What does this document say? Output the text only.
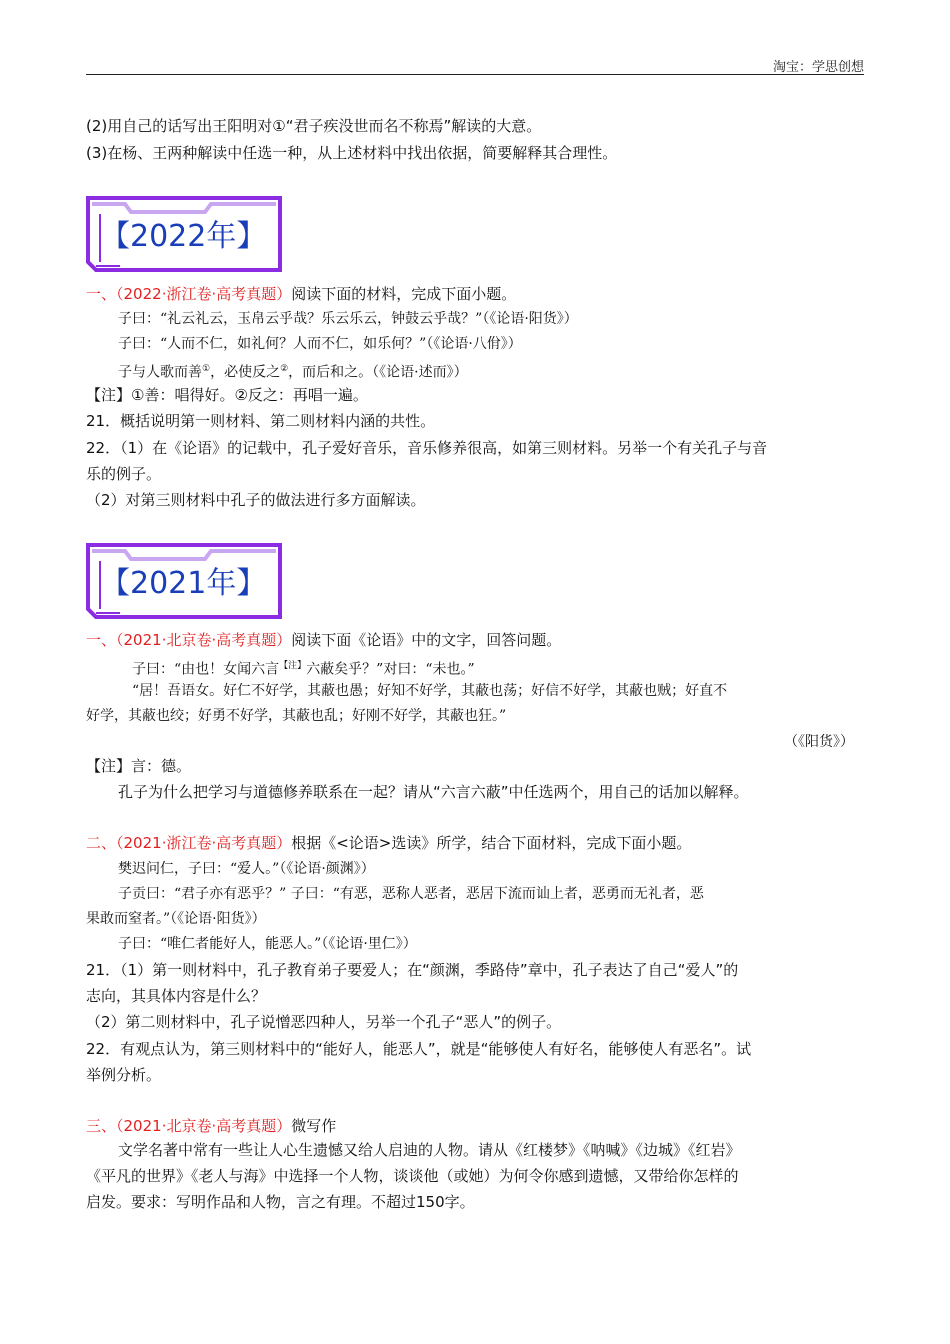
淘宝：学思创想
(2)用自己的话写出王阳明对①“君子疾没世而名不称焉”解读的大意。
(3)在杨、王两种解读中任选一种，从上述材料中找出依据，简要解释其合理性。
【2022年】
一、（2022·浙江卷·高考真题）阅读下面的材料，完成下面小题。
子曰：“礼云礼云，玉帛云乎哉？乐云乐云，钟鼓云乎哉？”（《论语·阳货》）
子曰：“人而不仁，如礼何？人而不仁，如乐何？”（《论语·八佾》）
子与人歌而善①，必使反之②，而后和之。（《论语·述而》）
【注】①善：唱得好。②反之：再唱一遍。
21．概括说明第一则材料、第二则材料内涵的共性。
22．（1）在《论语》的记载中，孔子爱好音乐，音乐修养很高，如第三则材料。另举一个有关孔子与音
乐的例子。
（2）对第三则材料中孔子的做法进行多方面解读。
【2021年】
一、（2021·北京卷·高考真题）阅读下面《论语》中的文字，回答问题。
子曰：“由也！女闻六言$^{【注】}$六蔽矣乎？”对曰：“未也。”
“居！吾语女。好仁不好学，其蔽也愚；好知不好学，其蔽也荡；好信不好学，其蔽也贼；好直不
好学，其蔽也绞；好勇不好学，其蔽也乱；好刚不好学，其蔽也狂。”
（《阳货》）
【注】言：德。
孔子为什么把学习与道德修养联系在一起？请从“六言六蔽”中任选两个，用自己的话加以解释。
二、（2021·浙江卷·高考真题）根据《<论语>选读》所学，结合下面材料，完成下面小题。
樊迟问仁，子曰：“爱人。”（《论语·颜渊》）
子贡曰：“君子亦有恶乎？” 子曰：“有恶，恶称人恶者，恶居下流而讪上者，恶勇而无礼者，恶
果敢而窒者。”（《论语·阳货》）
子曰：“唯仁者能好人，能恶人。”（《论语·里仁》）
21．（1）第一则材料中，孔子教育弟子要爱人；在“颜渊，季路侍”章中，孔子表达了自己“爱人”的
志向，其具体内容是什么？
（2）第二则材料中，孔子说憎恶四种人，另举一个孔子“恶人”的例子。
22．有观点认为，第三则材料中的“能好人，能恶人”，就是“能够使人有好名，能够使人有恶名”。试
举例分析。
三、（2021·北京卷·高考真题）微写作
文学名著中常有一些让人心生遗憾又给人启迪的人物。请从《红楼梦》《呐喊》《边城》《红岩》
《平凡的世界》《老人与海》中选择一个人物，谈谈他（或她）为何令你感到遗憾，又带给你怎样的
启发。要求：写明作品和人物，言之有理。不超过150字。
